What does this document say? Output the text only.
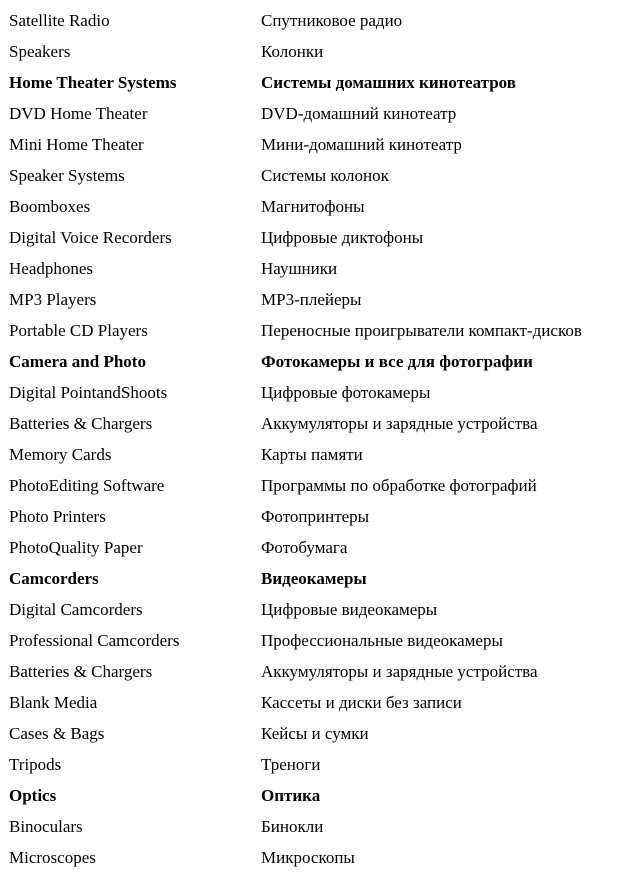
Satellite Radio	Спутниковое радио
Speakers	Колонки
Home Theater Systems	Системы домашних кинотеатров
DVD Home Theater	DVD-домашний кинотеатр
Mini Home Theater	Мини-домашний кинотеатр
Speaker Systems	Системы колонок
Boomboxes	Магнитофоны
Digital Voice Recorders	Цифровые диктофоны
Headphones	Наушники
MP3 Players	MP3-плейеры
Portable CD Players	Переносные проигрыватели компакт-дисков
Camera and Photo	Фотокамеры и все для фотографии
Digital PointandShoots	Цифровые фотокамеры
Batteries & Chargers	Аккумуляторы и зарядные устройства
Memory Cards	Карты памяти
PhotoEditing Software	Программы по обработке фотографий
Photo Printers	Фотопринтеры
PhotoQuality Paper	Фотобумага
Camcorders	Видеокамеры
Digital Camcorders	Цифровые видеокамеры
Professional Camcorders	Профессиональные видеокамеры
Batteries & Chargers	Аккумуляторы и зарядные устройства
Blank Media	Кассеты и диски без записи
Cases & Bags	Кейсы и сумки
Tripods	Треноги
Optics	Оптика
Binoculars	Бинокли
Microscopes	Микроскопы
